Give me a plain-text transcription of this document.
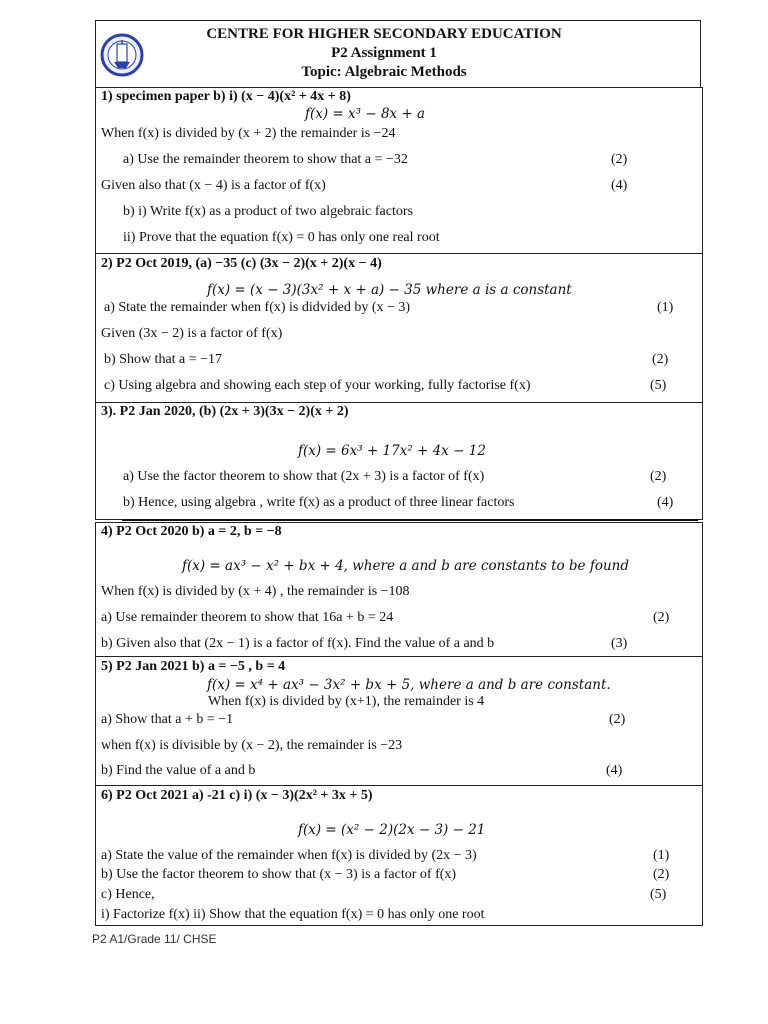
CENTRE FOR HIGHER SECONDARY EDUCATION
P2 Assignment 1
Topic: Algebraic Methods
1) specimen paper b) i) (x − 4)(x² + 4x + 8)
f(x) = x³ − 8x + a
When f(x) is divided by (x + 2) the remainder is −24
a) Use the remainder theorem to show that a = −32	(2)
Given also that (x − 4) is a factor of f(x)	(4)
b) i) Write f(x) as a product of two algebraic factors
ii) Prove that the equation f(x) = 0 has only one real root
2) P2 Oct 2019, (a) −35 (c) (3x − 2)(x + 2)(x − 4)
f(x) = (x − 3)(3x² + x + a) − 35 where a is a constant
a) State the remainder when f(x) is didvided by (x − 3)	(1)
Given (3x − 2) is a factor of f(x)
b) Show that a = −17	(2)
c) Using algebra and showing each step of your working, fully factorise f(x)	(5)
3). P2 Jan 2020, (b) (2x + 3)(3x − 2)(x + 2)
f(x) = 6x³ + 17x² + 4x − 12
a) Use the factor theorem to show that (2x + 3) is a factor of f(x)	(2)
b) Hence, using algebra , write f(x) as a product of three linear factors	(4)
4) P2 Oct 2020 b) a = 2, b = −8
f(x) = ax³ − x² + bx + 4, where a and b are constants to be found
When f(x) is divided by (x + 4) , the remainder is −108
a) Use remainder theorem to show that 16a + b = 24	(2)
b) Given also that (2x − 1) is a factor of f(x). Find the value of a and b	(3)
5) P2 Jan 2021 b) a = −5 , b = 4
f(x) = x⁴ + ax³ − 3x² + bx + 5, where a and b are constant.
When f(x) is divided by (x+1), the remainder is 4
a) Show that a + b = −1	(2)
when f(x) is divisible by (x − 2), the remainder is −23
b) Find the value of a and b	(4)
6) P2 Oct 2021 a) -21 c) i) (x − 3)(2x² + 3x + 5)
f(x) = (x² − 2)(2x − 3) − 21
a) State the value of the remainder when f(x) is divided by (2x − 3)	(1)
b) Use the factor theorem to show that (x − 3) is a factor of f(x)	(2)
c) Hence,	(5)
i) Factorize f(x) ii) Show that the equation f(x) = 0 has only one root
P2 A1/Grade 11/ CHSE
